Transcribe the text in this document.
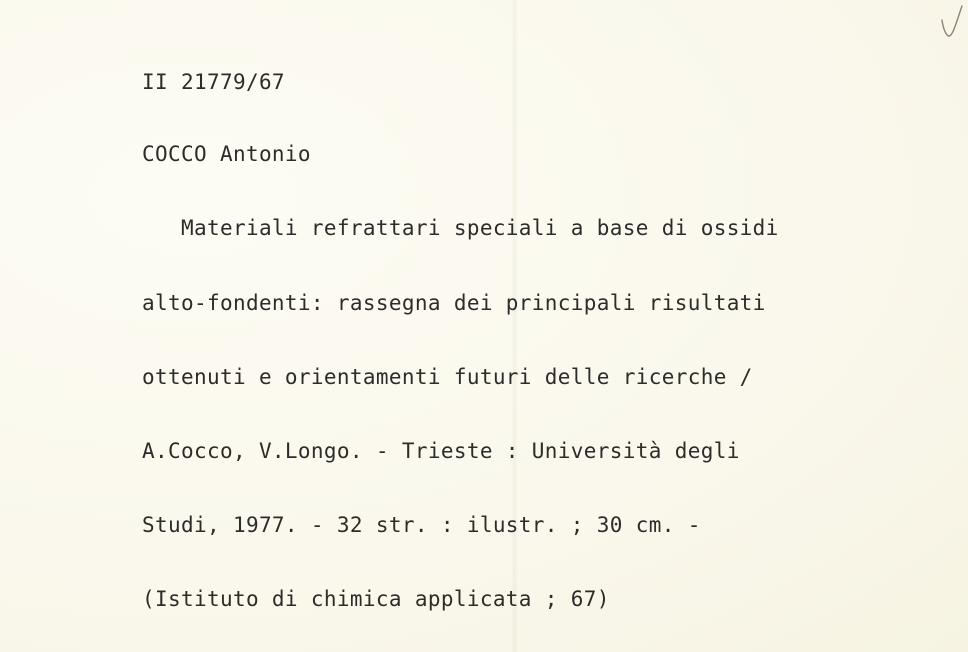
II 21779/67

COCCO Antonio

Materiali refrattari speciali a base di ossidi

alto-fondenti: rassegna dei principali risultati

ottenuti e orientamenti futuri delle ricerche /

A.Cocco, V.Longo. - Trieste : Università degli

Studi, 1977. - 32 str. : ilustr. ; 30 cm. -

(Istituto di chimica applicata ; 67)
